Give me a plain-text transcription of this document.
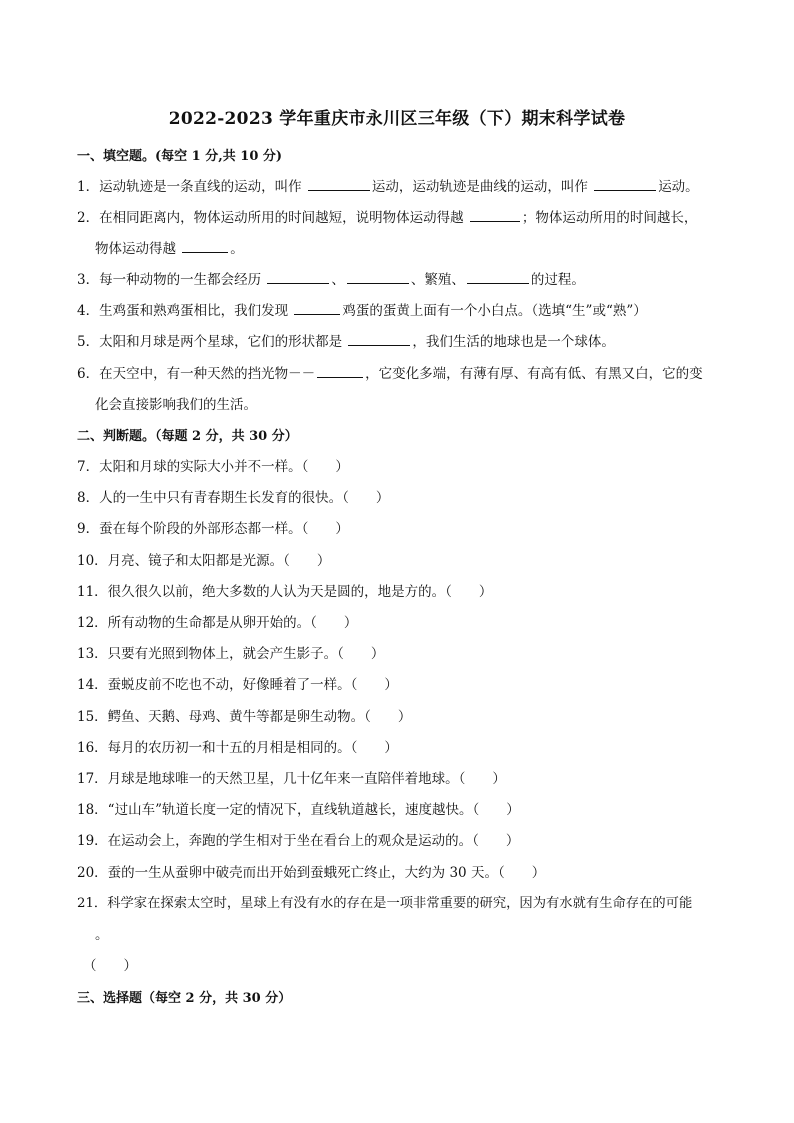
2022-2023 学年重庆市永川区三年级（下）期末科学试卷
一、填空题。(每空 1 分,共 10 分)
1．运动轨迹是一条直线的运动，叫作	运动，运动轨迹是曲线的运动，叫作	运动。
2．在相同距离内，物体运动所用的时间越短，说明物体运动得越	；物体运动所用的时间越长，
物体运动得越	。
3．每一种动物的一生都会经历	、	、繁殖、	的过程。
4．生鸡蛋和熟鸡蛋相比，我们发现	鸡蛋的蛋黄上面有一个小白点。（选填“生”或“熟”）
5．太阳和月球是两个星球，它们的形状都是	，我们生活的地球也是一个球体。
6．在天空中，有一种天然的挡光物－－	，它变化多端，有薄有厚、有高有低、有黑又白，它的变
化会直接影响我们的生活。
二、判断题。（每题 2 分，共 30 分）
7．太阳和月球的实际大小并不一样。（　　）
8．人的一生中只有青春期生长发育的很快。（　　）
9．蚕在每个阶段的外部形态都一样。（　　）
10．月亮、镜子和太阳都是光源。（　　）
11．很久很久以前，绝大多数的人认为天是圆的，地是方的。（　　）
12．所有动物的生命都是从卵开始的。（　　）
13．只要有光照到物体上，就会产生影子。（　　）
14．蚕蜕皮前不吃也不动，好像睡着了一样。（　　）
15．鳄鱼、天鹅、母鸡、黄牛等都是卵生动物。（　　）
16．每月的农历初一和十五的月相是相同的。（　　）
17．月球是地球唯一的天然卫星，几十亿年来一直陪伴着地球。（　　）
18．“过山车”轨道长度一定的情况下，直线轨道越长，速度越快。（　　）
19．在运动会上，奔跑的学生相对于坐在看台上的观众是运动的。（　　）
20．蚕的一生从蚕卵中破壳而出开始到蚕蛾死亡终止，大约为 30 天。（　　）
21．科学家在探索太空时，星球上有没有水的存在是一项非常重要的研究，因为有水就有生命存在的可能
。
（　　）
三、选择题（每空 2 分，共 30 分）
